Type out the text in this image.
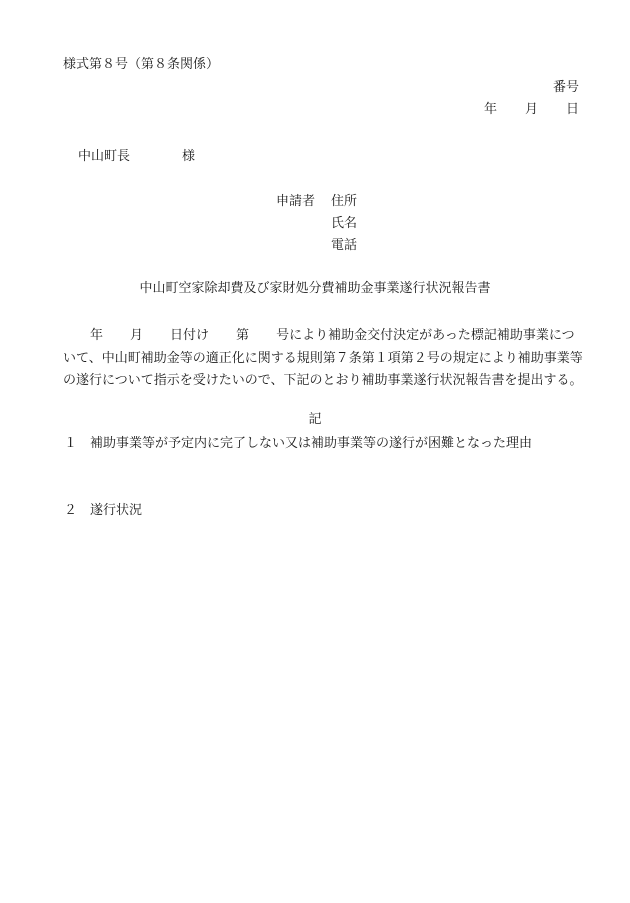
様式第８号（第８条関係）
番号
年 月 日
中山町長	様
申請者	住所
氏名
電話
中山町空家除却費及び家財処分費補助金事業遂行状況報告書

年 月 日付け 第 号により補助金交付決定があった標記補助事業について、中山町補助金等の適正化に関する規則第７条第１項第２号の規定により補助事業等の遂行について指示を受けたいので、下記のとおり補助事業遂行状況報告書を提出する。

記
１ 補助事業等が予定内に完了しない又は補助事業等の遂行が困難となった理由
２ 遂行状況
